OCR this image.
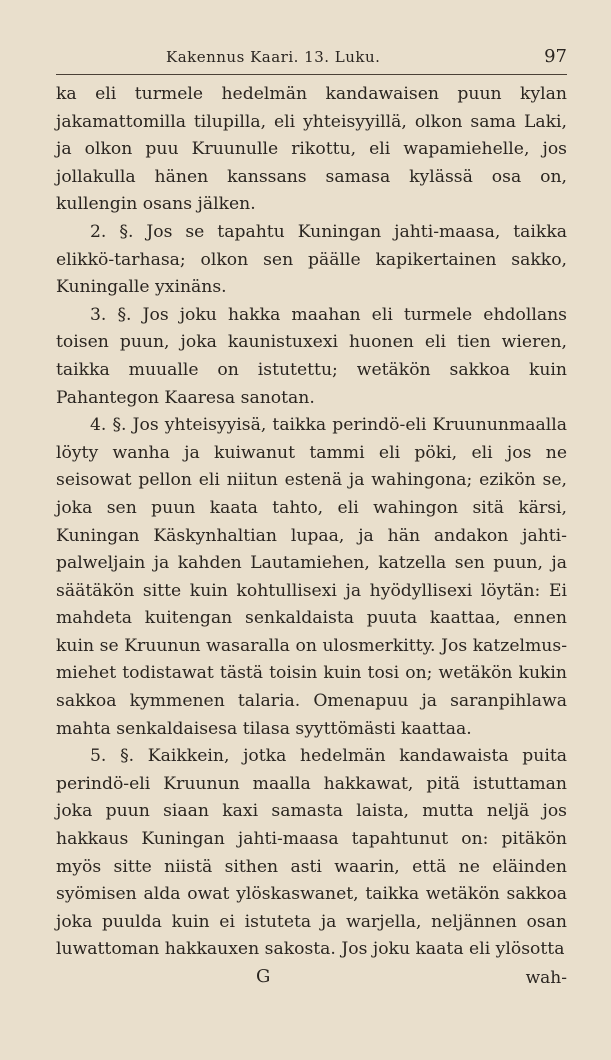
Kakennus Kaari. 13. Luku.	97

ka eli turmele hedelmän kandawaisen puun kylan jakamattomilla tilupilla, eli yhteisyyillä, olkon sama Laki, ja olkon puu Kruunulle rikottu, eli wapamiehelle, jos jollakulla hänen kanssans samasa kylässä osa on, kullengin osans jälken.

2. §. Jos se tapahtu Kuningan jahti-maasa, taikka elikkö-tarhasa; olkon sen päälle kapikertainen sakko, Kuningalle yxinäns.

3. §. Jos joku hakka maahan eli turmele ehdollans toisen puun, joka kaunistuxexi huonen eli tien wieren, taikka muualle on istutettu; wetäkön sakkoa kuin Pahantegon Kaaresa sanotan.

4. §. Jos yhteisyyisä, taikka perindö-eli Kruununmaalla löyty wanha ja kuiwanut tammi eli pöki, eli jos ne seisowat pellon eli niitun estenä ja wahingona; ezikön se, joka sen puun kaata tahto, eli wahingon sitä kärsi, Kuningan Käskynhaltian lupaa, ja hän andakon jahti-palweljain ja kahden Lautamiehen, katzella sen puun, ja säätäkön sitte kuin kohtullisexi ja hyödyllisexi löytän: Ei mahdeta kuitengan senkaldaista puuta kaattaa, ennen kuin se Kruunun wasaralla on ulosmerkitty. Jos katzelmus-miehet todistawat tästä toisin kuin tosi on; wetäkön kukin sakkoa kymmenen talaria. Omenapuu ja saranpihlawa mahta senkaldaisesa tilasa syyttömästi kaattaa.

5. §. Kaikkein, jotka hedelmän kandawaista puita perindö-eli Kruunun maalla hakkawat, pitä istuttaman joka puun siaan kaxi samasta laista, mutta neljä jos hakkaus Kuningan jahti-maasa tapahtunut on: pitäkön myös sitte niistä sithen asti waarin, että ne eläinden syömisen alda owat ylöskaswanet, taikka wetäkön sakkoa joka puulda kuin ei istuteta ja warjella, neljännen osan luwattoman hakkauxen sakosta. Jos joku kaata eli ylösotta

G	wah-
